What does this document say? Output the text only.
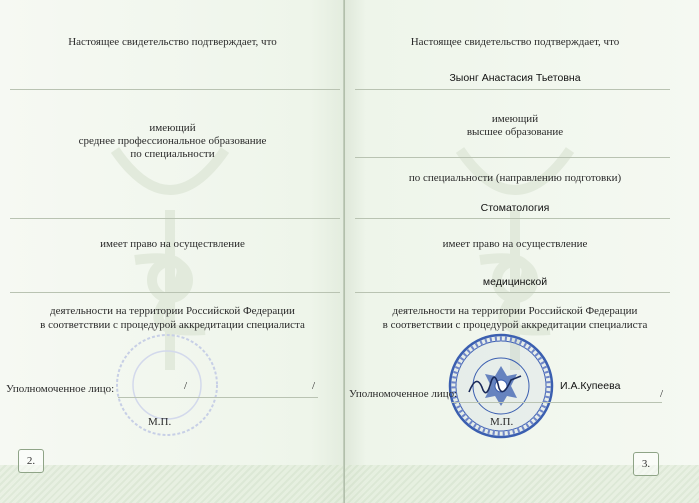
Настоящее свидетельство подтверждает, что
имеющий
среднее профессиональное образование
по специальности
имеет право на осуществление
деятельности на территории Российской Федерации
в соответствии с процедурой аккредитации специалиста
Уполномоченное лицо:	/	/
М.П.
2.
Настоящее свидетельство подтверждает, что
Зыонг Анастасия Тьетовна
имеющий
высшее образование
по специальности (направлению подготовки)
Стоматология
имеет право на осуществление
медицинской
деятельности на территории Российской Федерации
в соответствии с процедурой аккредитации специалиста
Уполномоченное лицо:
И.А.Купеева
/
М.П.
3.
